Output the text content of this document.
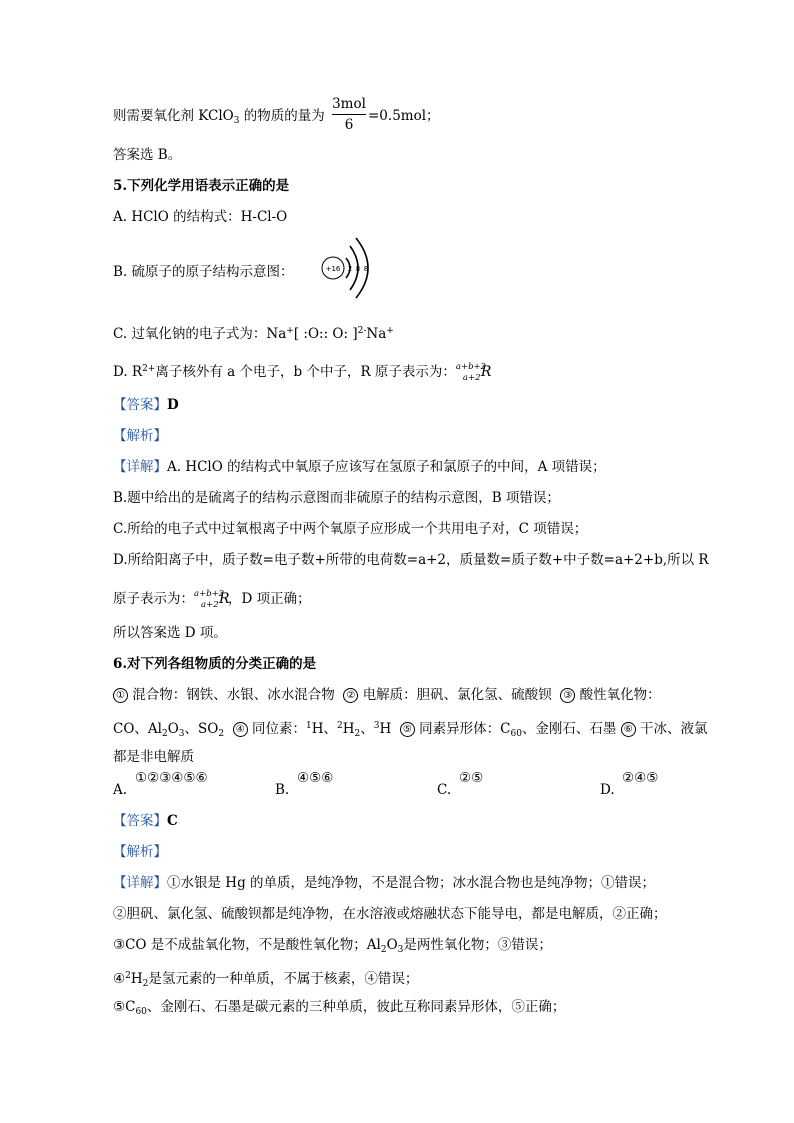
则需要氧化剂 KClO$_3$ 的物质的量为
3mol
6
=0.5mol；
答案选 B。
5.下列化学用语表示正确的是
A. HClO 的结构式：H-Cl-O
B. 硫原子的原子结构示意图：	+16 2 8 8
C. 过氧化钠的电子式为：Na+[ :O:: O: ]$^{2-}$Na+
D. $R^{2+}$离子核外有 a 个电子，b 个中子，R 原子表示为： a+b+2
a+2 R
【答案】D
【解析】
【详解】A. HClO 的结构式中氧原子应该写在氢原子和氯原子的中间，A 项错误；
B.题中给出的是硫离子的结构示意图而非硫原子的结构示意图，B 项错误；
C.所给的电子式中过氧根离子中两个氧原子应形成一个共用电子对，C 项错误；
D.所给阳离子中，质子数=电子数+所带的电荷数=a+2，质量数=质子数+中子数=a+2+b,所以 R
原子表示为： a+b+2
a+2 R
，D 项正确；
所以答案选 D 项。
6.对下列各组物质的分类正确的是
① 混合物：钢铁、水银、冰水混合物 ② 电解质：胆矾、氯化氢、硫酸钡 ③ 酸性氧化物：
CO、$Al_2O_3$、$SO_2$ ④ 同位素：$^1$H、$^2H_2$、$^3$H ⑤ 同素异形体：$C_{60}$、金刚石、石墨 ⑥ 干冰、液氯
都是非电解质
A.
①②③④⑤⑥
B.
④⑤⑥
C.
②⑤
D.
②④⑤
【答案】C
【解析】
【详解】①水银是 Hg 的单质，是纯净物，不是混合物；冰水混合物也是纯净物；①错误；
②胆矾、氯化氢、硫酸钡都是纯净物，在水溶液或熔融状态下能导电，都是电解质，②正确；
③CO 是不成盐氧化物，不是酸性氧化物；$Al_2O_3$是两性氧化物；③错误；
$④^2H_2$是氢元素的一种单质，不属于核素，④错误；
$⑤C_{60}$、金刚石、石墨是碳元素的三种单质，彼此互称同素异形体，⑤正确；
